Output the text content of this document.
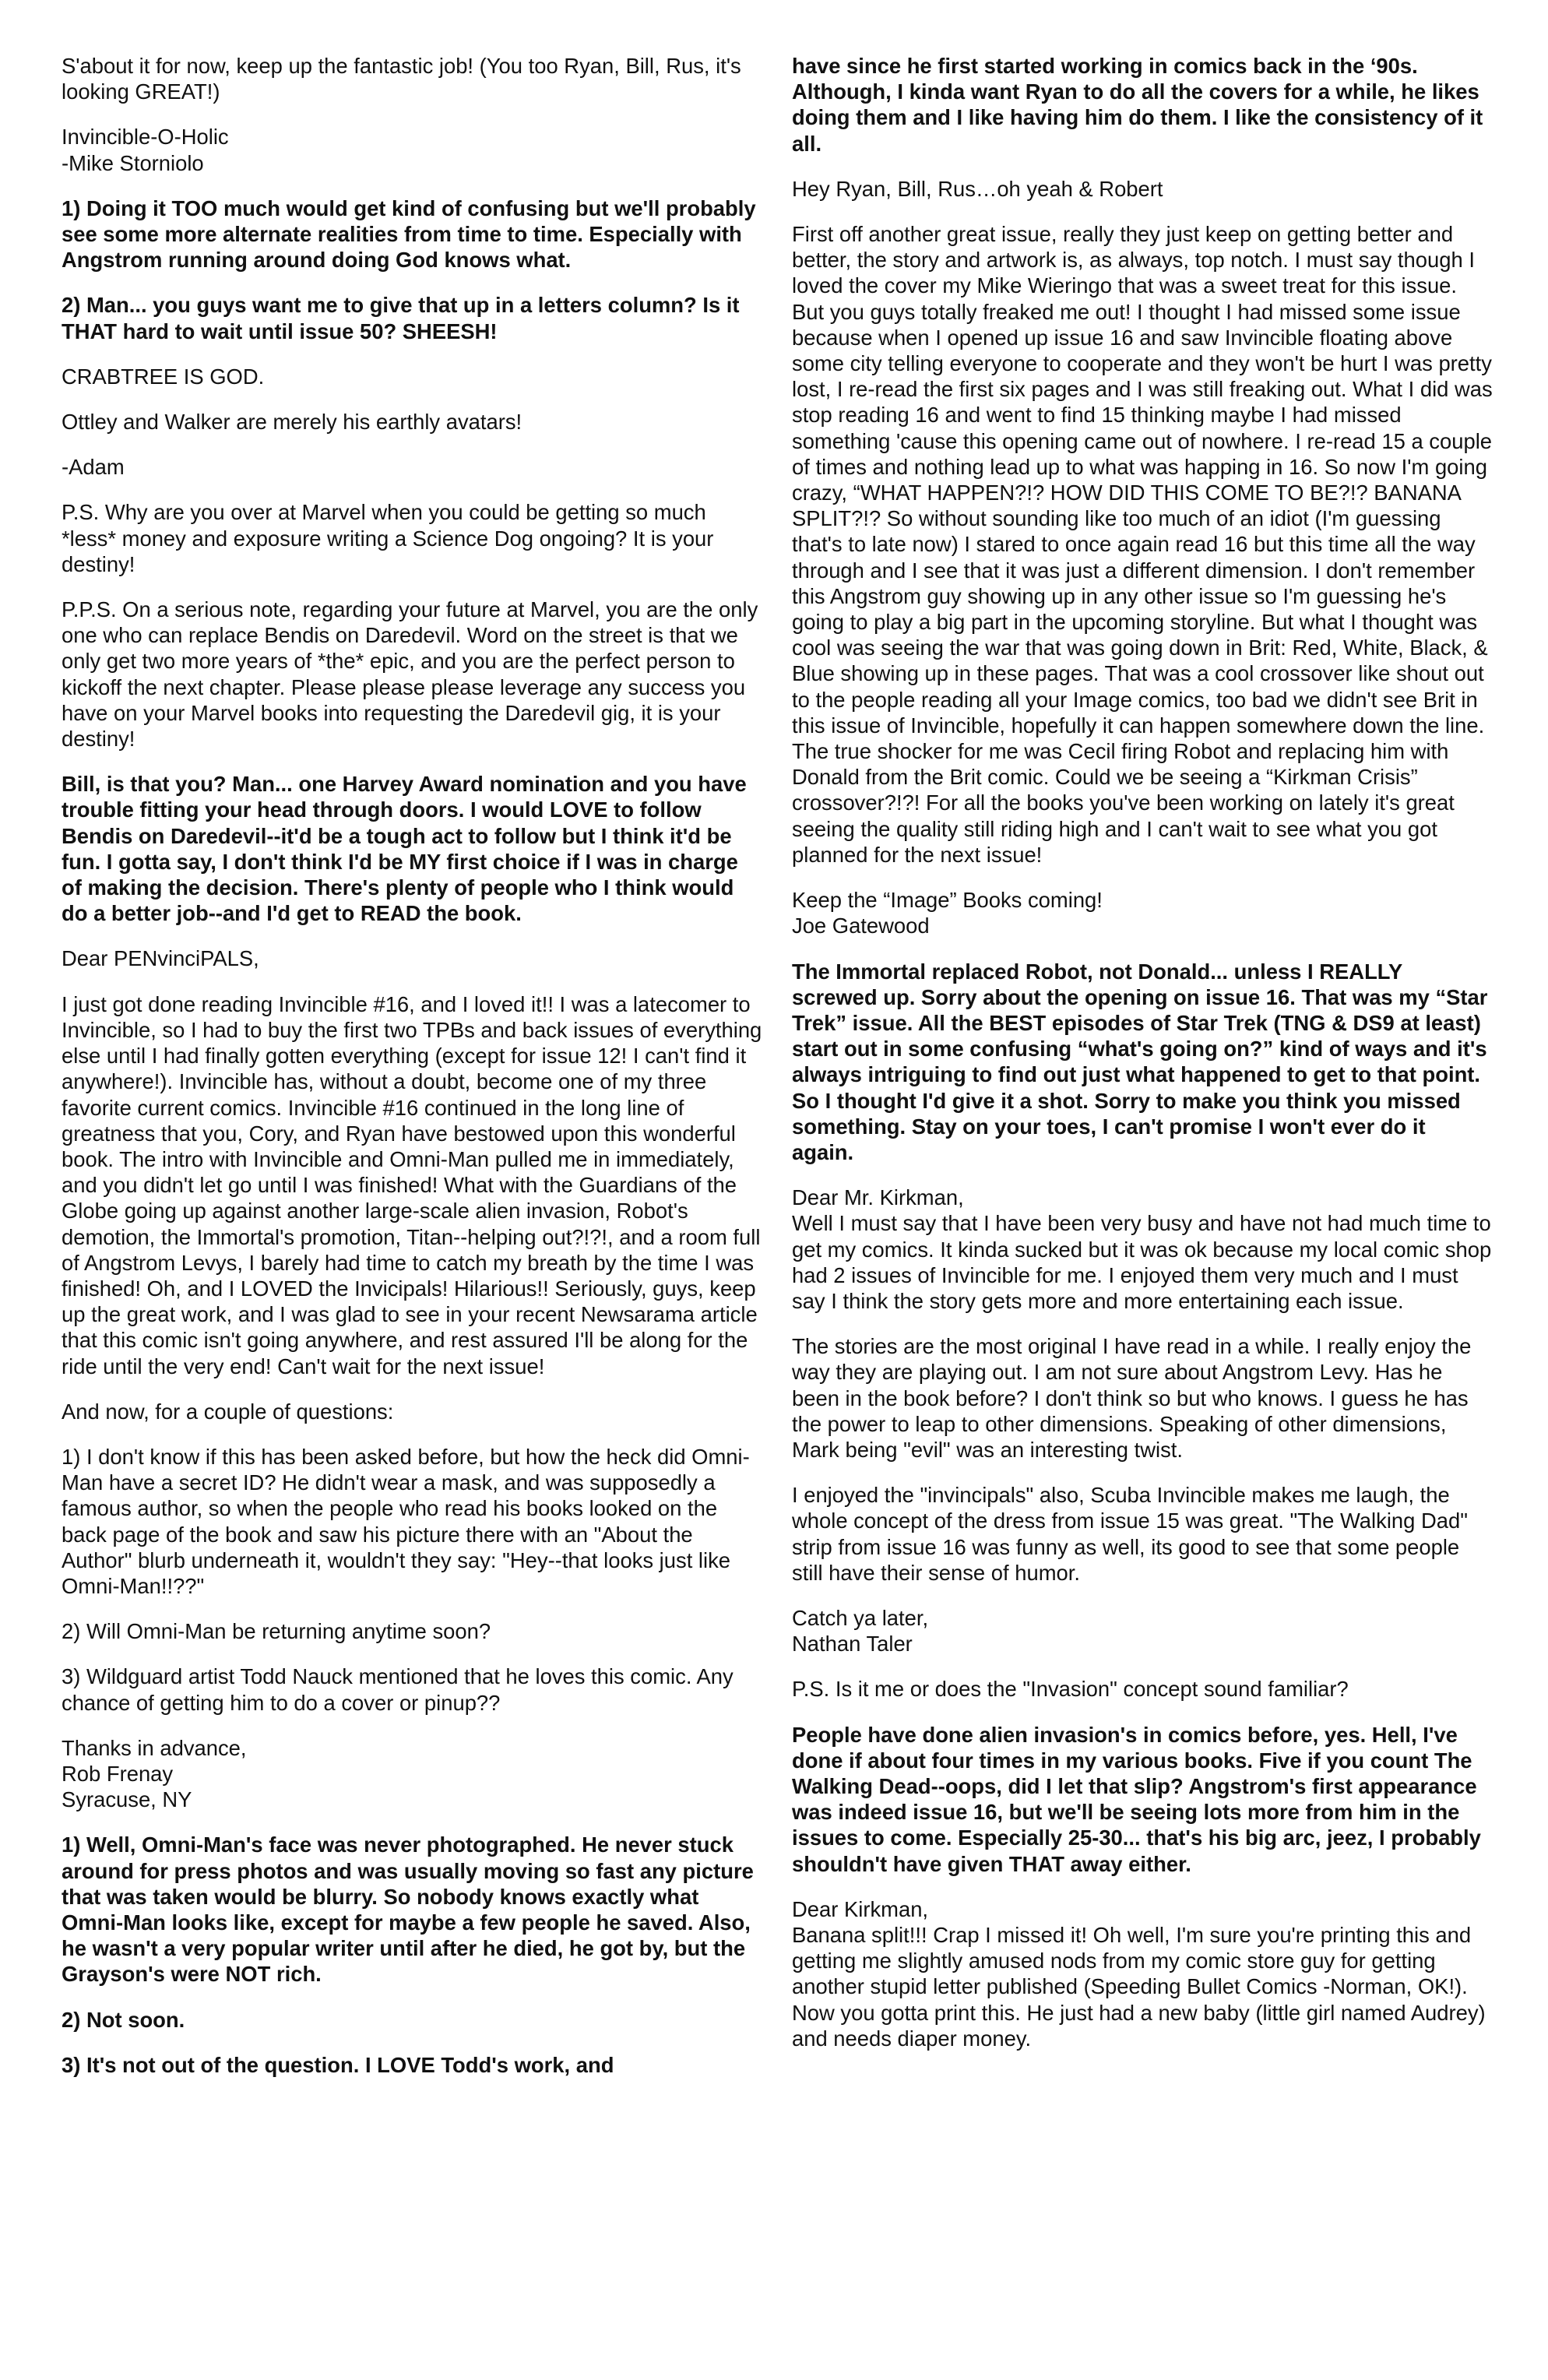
S'about it for now, keep up the fantastic job! (You too Ryan, Bill, Rus, it's looking GREAT!)

Invincible-O-Holic
-Mike Storniolo

1) Doing it TOO much would get kind of confusing but we'll probably see some more alternate realities from time to time. Especially with Angstrom running around doing God knows what.

2) Man... you guys want me to give that up in a letters column? Is it THAT hard to wait until issue 50? SHEESH!

CRABTREE IS GOD.

Ottley and Walker are merely his earthly avatars!

-Adam

P.S. Why are you over at Marvel when you could be getting so much *less* money and exposure writing a Science Dog ongoing? It is your destiny!

P.P.S. On a serious note, regarding your future at Marvel, you are the only one who can replace Bendis on Daredevil. Word on the street is that we only get two more years of *the* epic, and you are the perfect person to kickoff the next chapter. Please please please leverage any success you have on your Marvel books into requesting the Daredevil gig, it is your destiny!

Bill, is that you? Man... one Harvey Award nomination and you have trouble fitting your head through doors. I would LOVE to follow Bendis on Daredevil--it'd be a tough act to follow but I think it'd be fun. I gotta say, I don't think I'd be MY first choice if I was in charge of making the decision. There's plenty of people who I think would do a better job--and I'd get to READ the book.

Dear PENvinciPALS,

I just got done reading Invincible #16, and I loved it!! I was a latecomer to Invincible, so I had to buy the first two TPBs and back issues of everything else until I had finally gotten everything (except for issue 12! I can't find it anywhere!). Invincible has, without a doubt, become one of my three favorite current comics. Invincible #16 continued in the long line of greatness that you, Cory, and Ryan have bestowed upon this wonderful book. The intro with Invincible and Omni-Man pulled me in immediately, and you didn't let go until I was finished! What with the Guardians of the Globe going up against another large-scale alien invasion, Robot's demotion, the Immortal's promotion, Titan--helping out?!?!, and a room full of Angstrom Levys, I barely had time to catch my breath by the time I was finished! Oh, and I LOVED the Invicipals! Hilarious!! Seriously, guys, keep up the great work, and I was glad to see in your recent Newsarama article that this comic isn't going anywhere, and rest assured I'll be along for the ride until the very end! Can't wait for the next issue!

And now, for a couple of questions:

1) I don't know if this has been asked before, but how the heck did Omni-Man have a secret ID? He didn't wear a mask, and was supposedly a famous author, so when the people who read his books looked on the back page of the book and saw his picture there with an "About the Author" blurb underneath it, wouldn't they say: "Hey--that looks just like Omni-Man!!??"

2) Will Omni-Man be returning anytime soon?

3) Wildguard artist Todd Nauck mentioned that he loves this comic. Any chance of getting him to do a cover or pinup??

Thanks in advance,
Rob Frenay
Syracuse, NY

1) Well, Omni-Man's face was never photographed. He never stuck around for press photos and was usually moving so fast any picture that was taken would be blurry. So nobody knows exactly what Omni-Man looks like, except for maybe a few people he saved. Also, he wasn't a very popular writer until after he died, he got by, but the Grayson's were NOT rich.

2) Not soon.

3) It's not out of the question. I LOVE Todd's work, and

have since he first started working in comics back in the ‘90s. Although, I kinda want Ryan to do all the covers for a while, he likes doing them and I like having him do them. I like the consistency of it all.

Hey Ryan, Bill, Rus…oh yeah & Robert

First off another great issue, really they just keep on getting better and better, the story and artwork is, as always, top notch. I must say though I loved the cover my Mike Wieringo that was a sweet treat for this issue. But you guys totally freaked me out! I thought I had missed some issue because when I opened up issue 16 and saw Invincible floating above some city telling everyone to cooperate and they won't be hurt I was pretty lost, I re-read the first six pages and I was still freaking out. What I did was stop reading 16 and went to find 15 thinking maybe I had missed something 'cause this opening came out of nowhere. I re-read 15 a couple of times and nothing lead up to what was happing in 16. So now I'm going crazy, “WHAT HAPPEN?!? HOW DID THIS COME TO BE?!? BANANA SPLIT?!? So without sounding like too much of an idiot (I'm guessing that's to late now) I stared to once again read 16 but this time all the way through and I see that it was just a different dimension. I don't remember this Angstrom guy showing up in any other issue so I'm guessing he's going to play a big part in the upcoming storyline. But what I thought was cool was seeing the war that was going down in Brit: Red, White, Black, & Blue showing up in these pages. That was a cool crossover like shout out to the people reading all your Image comics, too bad we didn't see Brit in this issue of Invincible, hopefully it can happen somewhere down the line. The true shocker for me was Cecil firing Robot and replacing him with Donald from the Brit comic. Could we be seeing a “Kirkman Crisis” crossover?!?! For all the books you've been working on lately it's great seeing the quality still riding high and I can't wait to see what you got planned for the next issue!

Keep the “Image” Books coming!
Joe Gatewood

The Immortal replaced Robot, not Donald... unless I REALLY screwed up. Sorry about the opening on issue 16. That was my “Star Trek” issue. All the BEST episodes of Star Trek (TNG & DS9 at least) start out in some confusing “what's going on?” kind of ways and it's always intriguing to find out just what happened to get to that point. So I thought I'd give it a shot. Sorry to make you think you missed something. Stay on your toes, I can't promise I won't ever do it again.

Dear Mr. Kirkman,
Well I must say that I have been very busy and have not had much time to get my comics. It kinda sucked but it was ok because my local comic shop had 2 issues of Invincible for me. I enjoyed them very much and I must say I think the story gets more and more entertaining each issue.

The stories are the most original I have read in a while. I really enjoy the way they are playing out. I am not sure about Angstrom Levy. Has he been in the book before? I don't think so but who knows. I guess he has the power to leap to other dimensions. Speaking of other dimensions, Mark being "evil" was an interesting twist.

I enjoyed the "invincipals" also, Scuba Invincible makes me laugh, the whole concept of the dress from issue 15 was great. "The Walking Dad" strip from issue 16 was funny as well, its good to see that some people still have their sense of humor.

Catch ya later,
Nathan Taler

P.S. Is it me or does the "Invasion" concept sound familiar?

People have done alien invasion's in comics before, yes. Hell, I've done if about four times in my various books. Five if you count The Walking Dead--oops, did I let that slip? Angstrom's first appearance was indeed issue 16, but we'll be seeing lots more from him in the issues to come. Especially 25-30... that's his big arc, jeez, I probably shouldn't have given THAT away either.

Dear Kirkman,
Banana split!!! Crap I missed it! Oh well, I'm sure you're printing this and getting me slightly amused nods from my comic store guy for getting another stupid letter published (Speeding Bullet Comics -Norman, OK!). Now you gotta print this. He just had a new baby (little girl named Audrey) and needs diaper money.
